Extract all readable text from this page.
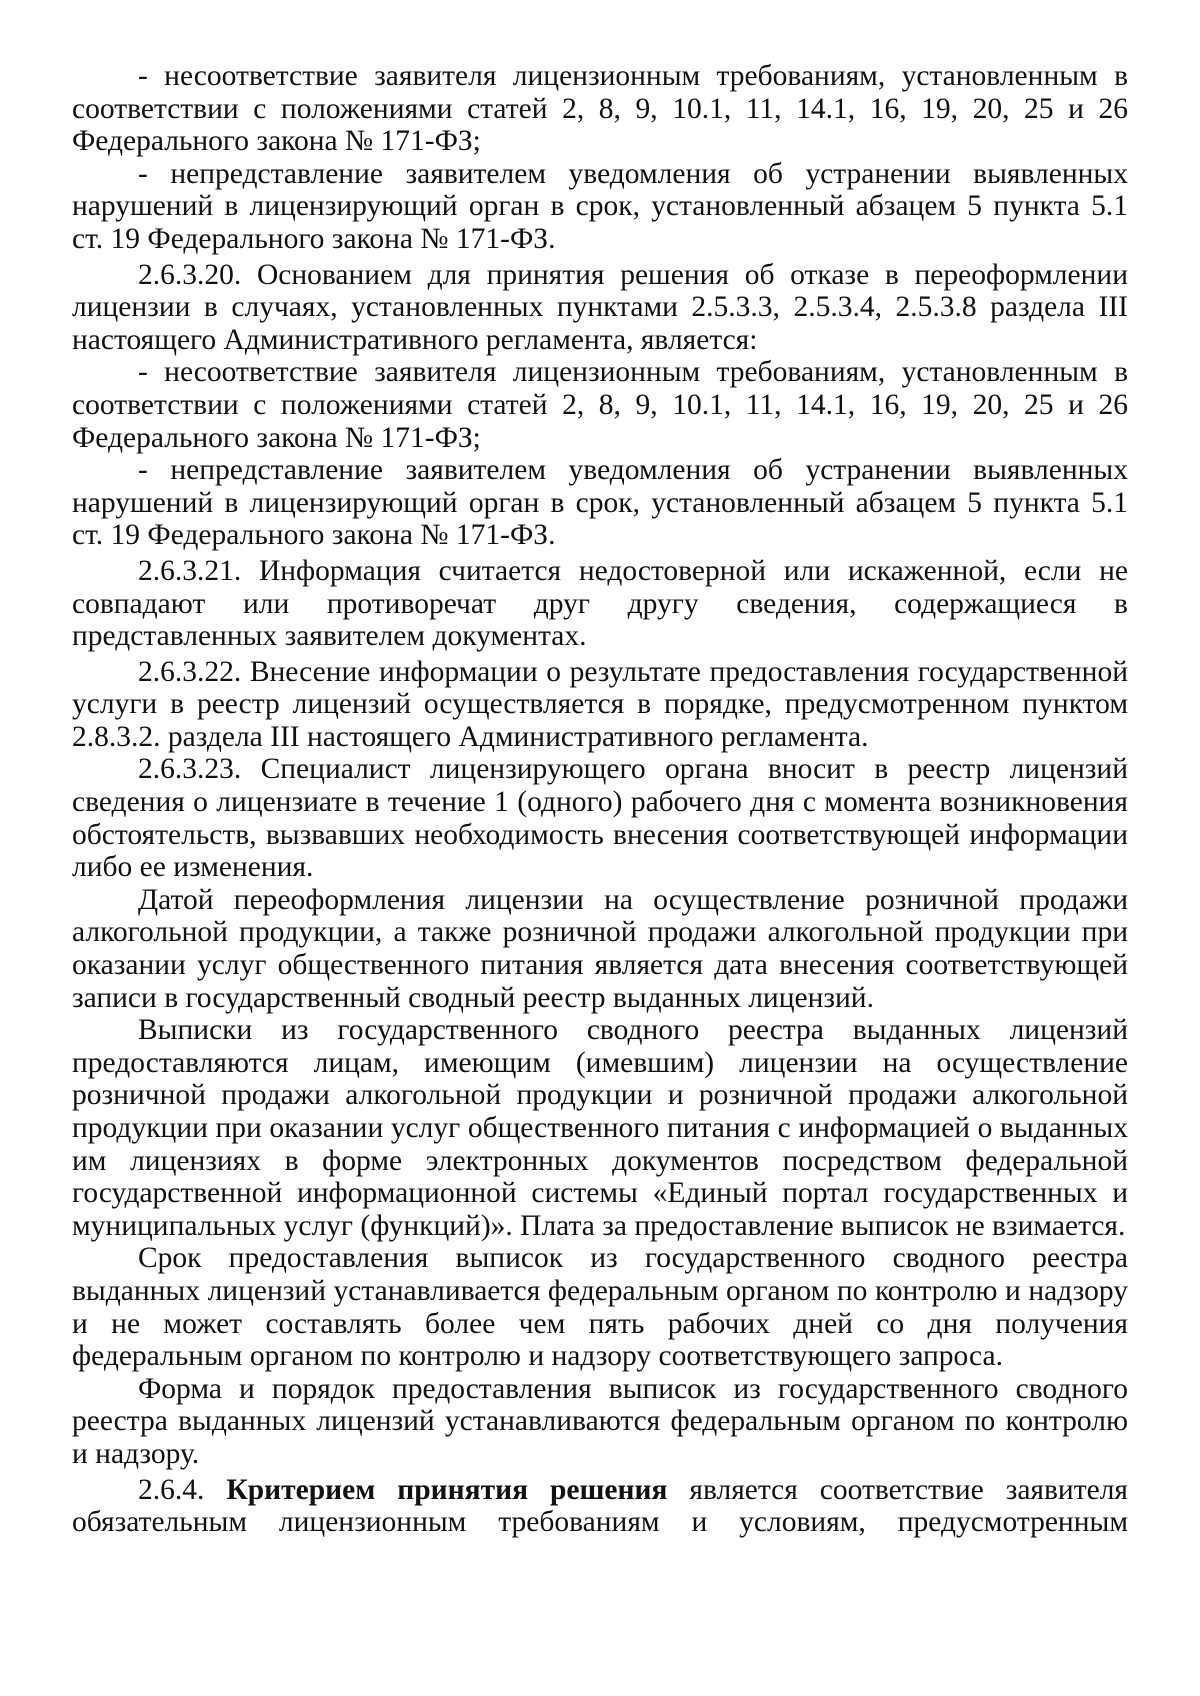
- несоответствие заявителя лицензионным требованиям, установленным в соответствии с положениями статей 2, 8, 9, 10.1, 11, 14.1, 16, 19, 20, 25 и 26 Федерального закона № 171-ФЗ;

- непредставление заявителем уведомления об устранении выявленных нарушений в лицензирующий орган в срок, установленный абзацем 5 пункта 5.1 ст. 19 Федерального закона № 171-ФЗ.

2.6.3.20. Основанием для принятия решения об отказе в переоформлении лицензии в случаях, установленных пунктами 2.5.3.3, 2.5.3.4, 2.5.3.8 раздела III настоящего Административного регламента, является:

- несоответствие заявителя лицензионным требованиям, установленным в соответствии с положениями статей 2, 8, 9, 10.1, 11, 14.1, 16, 19, 20, 25 и 26 Федерального закона № 171-ФЗ;

- непредставление заявителем уведомления об устранении выявленных нарушений в лицензирующий орган в срок, установленный абзацем 5 пункта 5.1 ст. 19 Федерального закона № 171-ФЗ.

2.6.3.21. Информация считается недостоверной или искаженной, если не совпадают или противоречат друг другу сведения, содержащиеся в представленных заявителем документах.

2.6.3.22. Внесение информации о результате предоставления государственной услуги в реестр лицензий осуществляется в порядке, предусмотренном пунктом 2.8.3.2. раздела III настоящего Административного регламента.

2.6.3.23. Специалист лицензирующего органа вносит в реестр лицензий сведения о лицензиате в течение 1 (одного) рабочего дня с момента возникновения обстоятельств, вызвавших необходимость внесения соответствующей информации либо ее изменения.

Датой переоформления лицензии на осуществление розничной продажи алкогольной продукции, а также розничной продажи алкогольной продукции при оказании услуг общественного питания является дата внесения соответствующей записи в государственный сводный реестр выданных лицензий.

Выписки из государственного сводного реестра выданных лицензий предоставляются лицам, имеющим (имевшим) лицензии на осуществление розничной продажи алкогольной продукции и розничной продажи алкогольной продукции при оказании услуг общественного питания с информацией о выданных им лицензиях в форме электронных документов посредством федеральной государственной информационной системы «Единый портал государственных и муниципальных услуг (функций)». Плата за предоставление выписок не взимается.

Срок предоставления выписок из государственного сводного реестра выданных лицензий устанавливается федеральным органом по контролю и надзору и не может составлять более чем пять рабочих дней со дня получения федеральным органом по контролю и надзору соответствующего запроса.

Форма и порядок предоставления выписок из государственного сводного реестра выданных лицензий устанавливаются федеральным органом по контролю и надзору.

2.6.4. Критерием принятия решения является соответствие заявителя обязательным лицензионным требованиям и условиям, предусмотренным
